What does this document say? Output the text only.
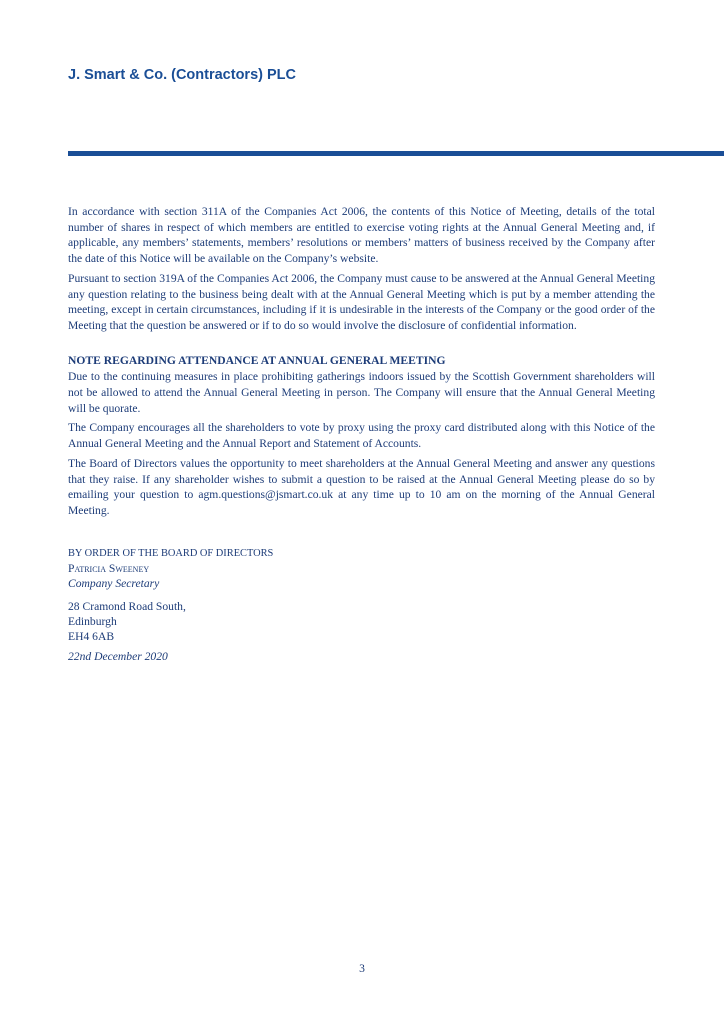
J. Smart & Co. (Contractors) PLC

In accordance with section 311A of the Companies Act 2006, the contents of this Notice of Meeting, details of the total number of shares in respect of which members are entitled to exercise voting rights at the Annual General Meeting and, if applicable, any members’ statements, members’ resolutions or members’ matters of business received by the Company after the date of this Notice will be available on the Company’s website.

Pursuant to section 319A of the Companies Act 2006, the Company must cause to be answered at the Annual General Meeting any question relating to the business being dealt with at the Annual General Meeting which is put by a member attending the meeting, except in certain circumstances, including if it is undesirable in the interests of the Company or the good order of the Meeting that the question be answered or if to do so would involve the disclosure of confidential information.

NOTE REGARDING ATTENDANCE AT ANNUAL GENERAL MEETING

Due to the continuing measures in place prohibiting gatherings indoors issued by the Scottish Government shareholders will not be allowed to attend the Annual General Meeting in person. The Company will ensure that the Annual General Meeting will be quorate.

The Company encourages all the shareholders to vote by proxy using the proxy card distributed along with this Notice of the Annual General Meeting and the Annual Report and Statement of Accounts.

The Board of Directors values the opportunity to meet shareholders at the Annual General Meeting and answer any questions that they raise. If any shareholder wishes to submit a question to be raised at the Annual General Meeting please do so by emailing your question to agm.questions@jsmart.co.uk at any time up to 10 am on the morning of the Annual General Meeting.

BY ORDER OF THE BOARD OF DIRECTORS
Patricia Sweeney
Company Secretary
28 Cramond Road South,
Edinburgh
EH4 6AB
22nd December 2020
3
